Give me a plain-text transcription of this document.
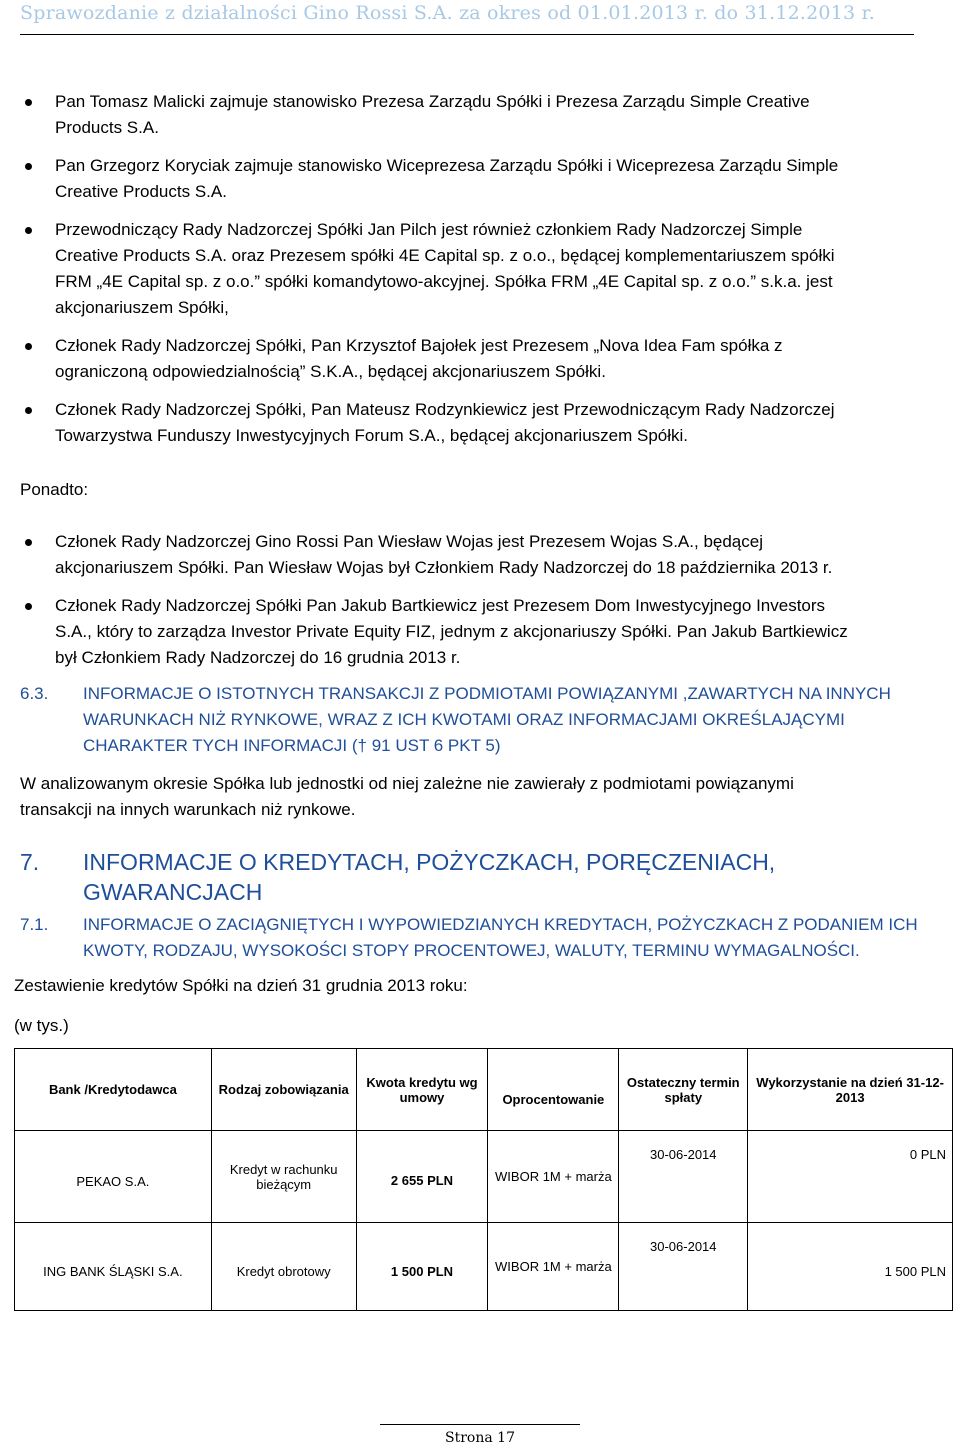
Sprawozdanie z działalności Gino Rossi S.A. za okres od 01.01.2013 r. do 31.12.2013 r.
Pan Tomasz Malicki zajmuje stanowisko Prezesa Zarządu Spółki i Prezesa Zarządu Simple Creative
Products S.A.
Pan Grzegorz Koryciak zajmuje stanowisko Wiceprezesa Zarządu Spółki i Wiceprezesa Zarządu Simple
Creative Products S.A.
Przewodniczący Rady Nadzorczej Spółki Jan Pilch jest również członkiem Rady Nadzorczej Simple
Creative Products S.A. oraz Prezesem spółki 4E Capital sp. z o.o., będącej komplementariuszem spółki
FRM „4E Capital sp. z o.o.” spółki komandytowo-akcyjnej. Spółka FRM „4E Capital sp. z o.o.” s.k.a. jest
akcjonariuszem Spółki,
Członek Rady Nadzorczej Spółki, Pan Krzysztof Bajołek jest Prezesem „Nova Idea Fam spółka z
ograniczoną odpowiedzialnością” S.K.A., będącej akcjonariuszem Spółki.
Członek Rady Nadzorczej Spółki, Pan Mateusz Rodzynkiewicz jest Przewodniczącym Rady Nadzorczej
Towarzystwa Funduszy Inwestycyjnych Forum S.A., będącej akcjonariuszem Spółki.
Ponadto:
Członek Rady Nadzorczej Gino Rossi Pan Wiesław Wojas jest Prezesem Wojas S.A., będącej
akcjonariuszem Spółki. Pan Wiesław Wojas był Członkiem Rady Nadzorczej do 18 października 2013 r.
Członek Rady Nadzorczej Spółki Pan Jakub Bartkiewicz jest Prezesem Dom Inwestycyjnego Investors
S.A., który to zarządza Investor Private Equity FIZ, jednym z akcjonariuszy Spółki. Pan Jakub Bartkiewicz
był Członkiem Rady Nadzorczej do 16 grudnia 2013 r.
6.3. INFORMACJE O ISTOTNYCH TRANSAKCJI Z PODMIOTAMI POWIĄZANYMI ,ZAWARTYCH NA INNYCH
WARUNKACH NIŻ RYNKOWE, WRAZ Z ICH KWOTAMI ORAZ INFORMACJAMI OKREŚLAJĄCYMI
CHARAKTER TYCH INFORMACJI († 91 UST 6 PKT 5)
W analizowanym okresie Spółka lub jednostki od niej zależne nie zawierały z podmiotami powiązanymi
transakcji na innych warunkach niż rynkowe.
7. INFORMACJE O KREDYTACH, POŻYCZKACH, PORĘCZENIACH, GWARANCJACH
7.1. INFORMACJE O ZACIĄGNIĘTYCH I WYPOWIEDZIANYCH KREDYTACH, POŻYCZKACH Z PODANIEM ICH
KWOTY, RODZAJU, WYSOKOŚCI STOPY PROCENTOWEJ, WALUTY, TERMINU WYMAGALNOŚCI.
Zestawienie kredytów Spółki na dzień 31 grudnia 2013 roku:
(w tys.)
Bank /Kredytodawca	Rodzaj zobowiązania	Kwota kredytu wg umowy	Oprocentowanie	Ostateczny termin spłaty	Wykorzystanie na dzień 31-12-2013
PEKAO S.A.	Kredyt w rachunku bieżącym	2 655 PLN	WIBOR 1M + marża	30-06-2014	0 PLN
ING BANK ŚLĄSKI S.A.	Kredyt obrotowy	1 500 PLN	WIBOR 1M + marża	30-06-2014	1 500 PLN
Strona 17
